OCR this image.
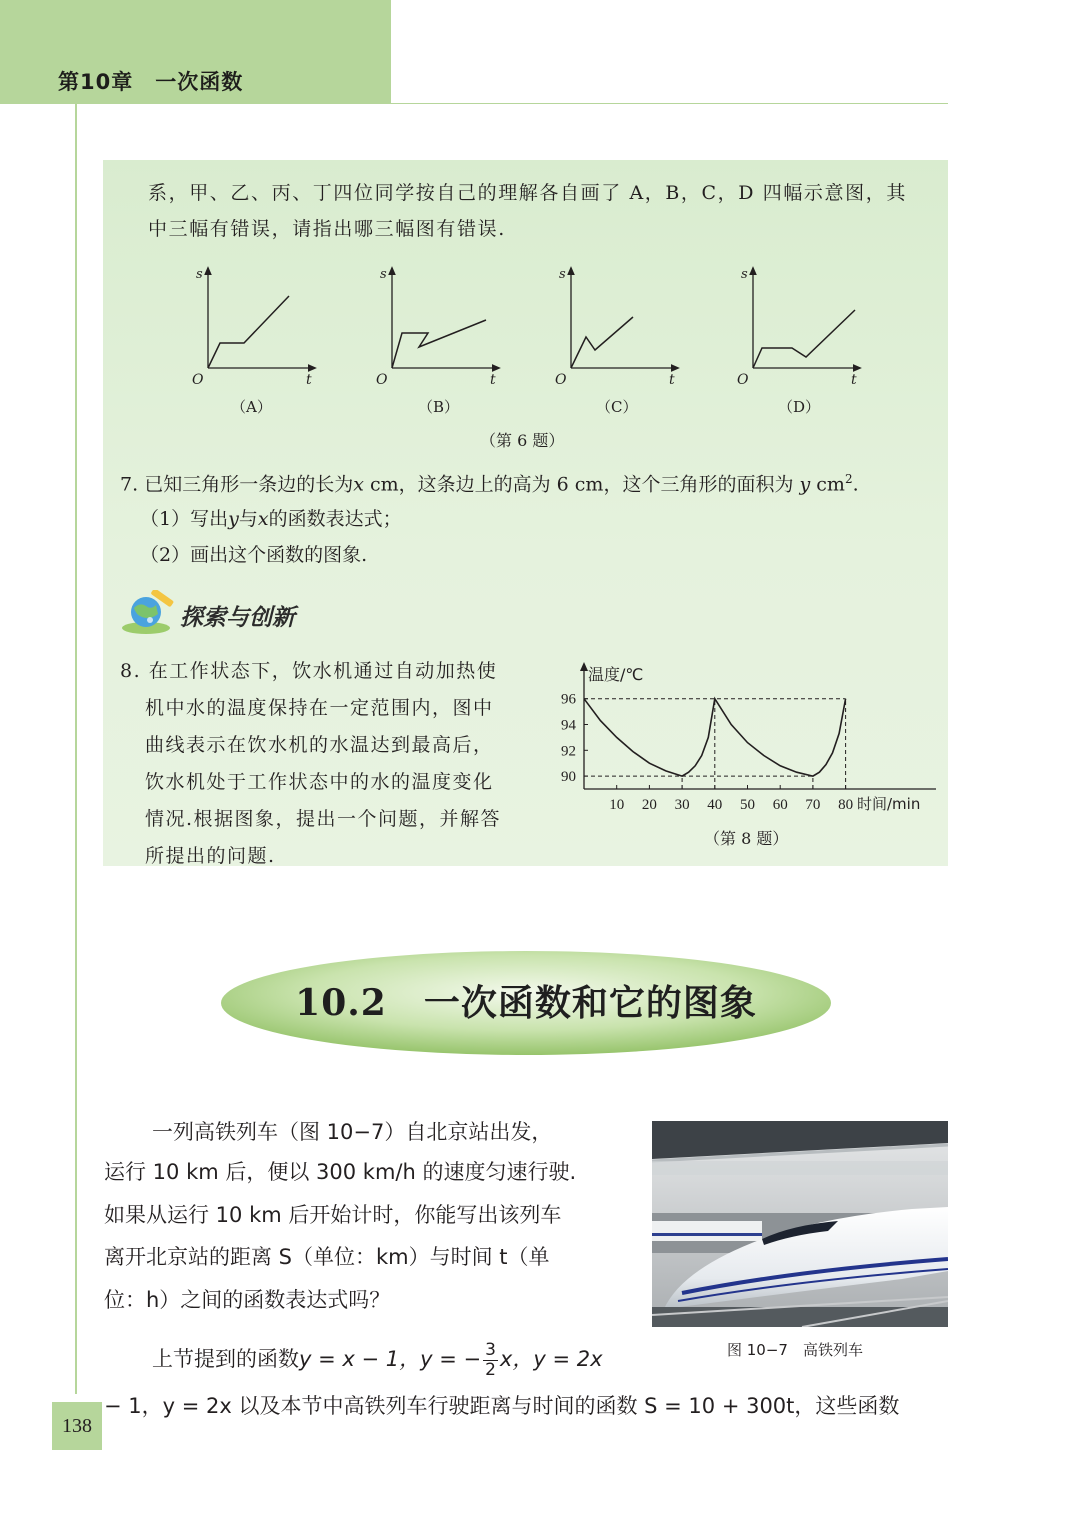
第10章　一次函数
系，甲、乙、丙、丁四位同学按自己的理解各自画了 A，B，C，D 四幅示意图，其
中三幅有错误，请指出哪三幅图有错误.
s
O	t
（A）
s
O	t
（B）
s
O	t
（C）
s
O	t
（D）
（第 6 题）
7. 已知三角形一条边的长为x cm，这条边上的高为 6 cm，这个三角形的面积为 y $cm^2$.
（1）写出y与x的函数表达式；
（2）画出这个函数的图象.
探索与创新
8. 在工作状态下，饮水机通过自动加热使
机中水的温度保持在一定范围内，图中
曲线表示在饮水机的水温达到最高后，
饮水机处于工作状态中的水的温度变化
情况.根据图象，提出一个问题，并解答
所提出的问题.
10 20 30 40 50 60 70 80
90
92
94
96
温度/℃
时间/min
（第 8 题）
10.2　一次函数和它的图象
一列高铁列车（图 10−7）自北京站出发，
运行 10 km 后，便以 300 km/h 的速度匀速行驶.
如果从运行 10 km 后开始计时，你能写出该列车
离开北京站的距离 S（单位：km）与时间 t（单
位：h）之间的函数表达式吗？
图 10−7　高铁列车
上节提到的函数 y = x − 1，y = − $\frac{3}{2}$ x，y = 2x
− 1，y = 2x 以及本节中高铁列车行驶距离与时间的函数 S = 10 + 300t，这些函数
138
